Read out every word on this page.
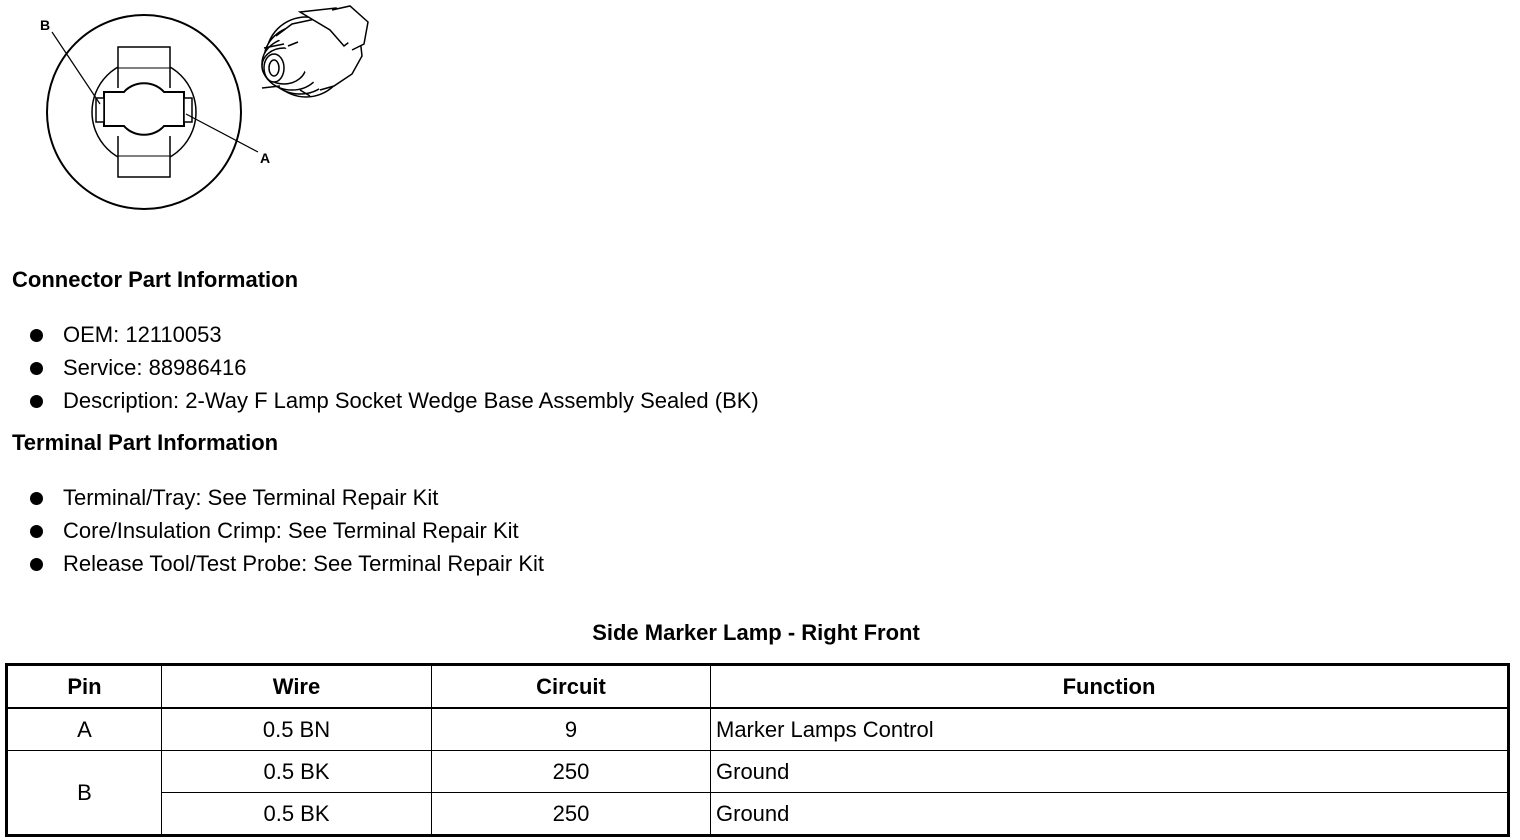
B
A
Connector Part Information
OEM: 12110053
Service: 88986416
Description: 2-Way F Lamp Socket Wedge Base Assembly Sealed (BK)
Terminal Part Information
Terminal/Tray: See Terminal Repair Kit
Core/Insulation Crimp: See Terminal Repair Kit
Release Tool/Test Probe: See Terminal Repair Kit
Side Marker Lamp - Right Front
Pin	Wire	Circuit	Function
A	0.5 BN	9	Marker Lamps Control
B	0.5 BK	250	Ground
	0.5 BK	250	Ground
